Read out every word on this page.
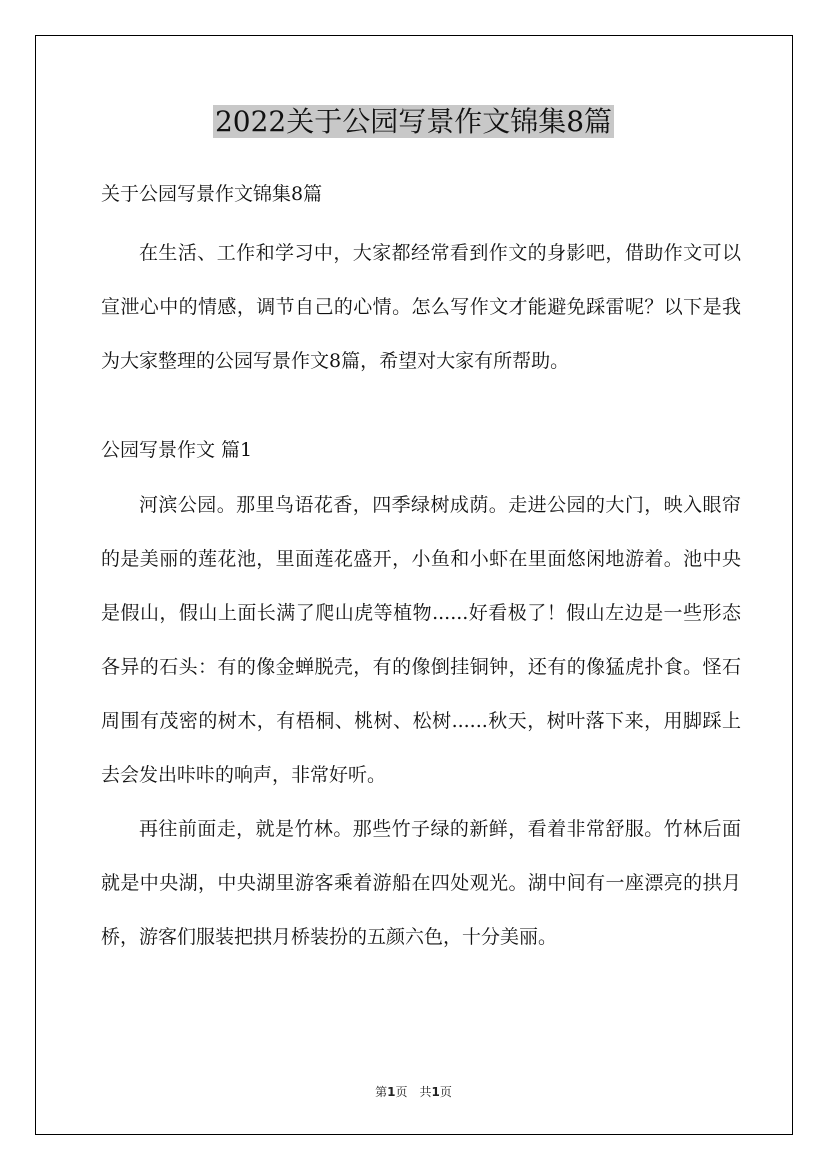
2022关于公园写景作文锦集8篇

关于公园写景作文锦集8篇

在生活、工作和学习中，大家都经常看到作文的身影吧，借助作文可以宣泄心中的情感，调节自己的心情。怎么写作文才能避免踩雷呢？以下是我为大家整理的公园写景作文8篇，希望对大家有所帮助。

公园写景作文 篇1

河滨公园。那里鸟语花香，四季绿树成荫。走进公园的大门，映入眼帘的是美丽的莲花池，里面莲花盛开，小鱼和小虾在里面悠闲地游着。池中央是假山，假山上面长满了爬山虎等植物......好看极了！假山左边是一些形态各异的石头：有的像金蝉脱壳，有的像倒挂铜钟，还有的像猛虎扑食。怪石周围有茂密的树木，有梧桐、桃树、松树......秋天，树叶落下来，用脚踩上去会发出咔咔的响声，非常好听。

再往前面走，就是竹林。那些竹子绿的新鲜，看着非常舒服。竹林后面就是中央湖，中央湖里游客乘着游船在四处观光。湖中间有一座漂亮的拱月桥，游客们服装把拱月桥装扮的五颜六色，十分美丽。

第1页　共1页
